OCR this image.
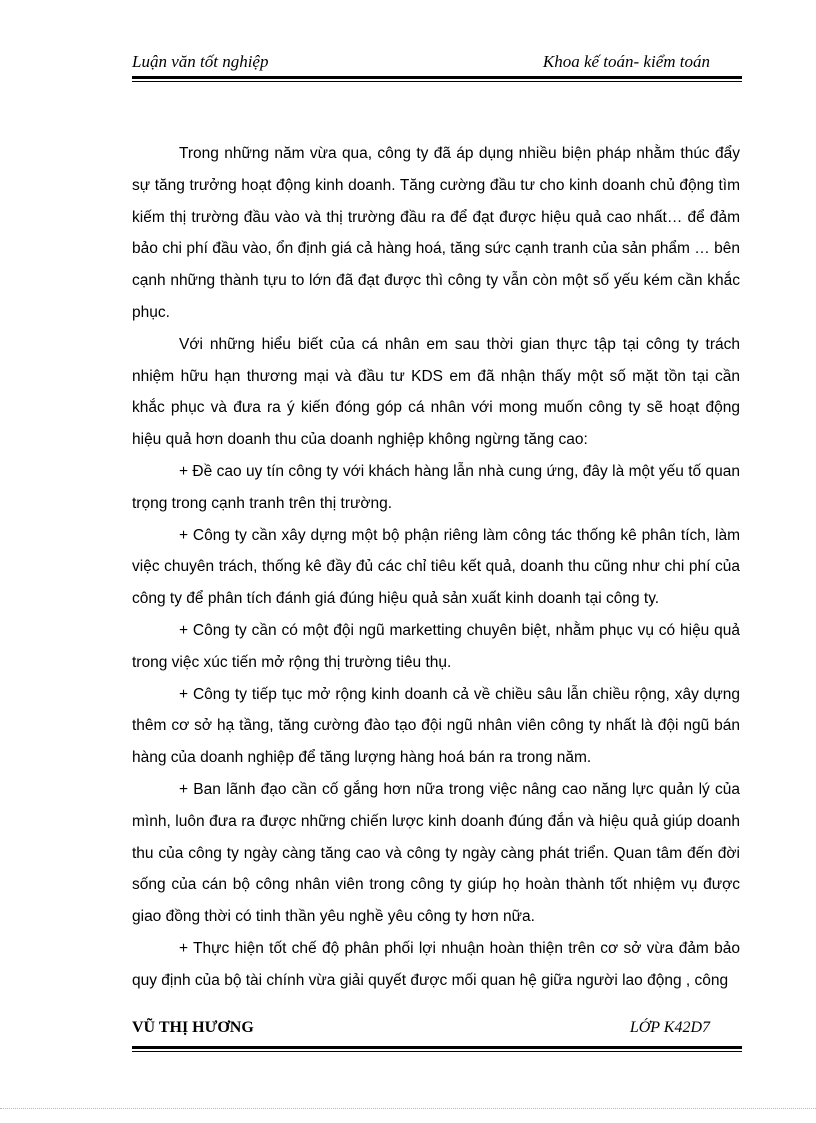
Luận văn tốt nghiệp	Khoa kế toán- kiểm toán

Trong những năm vừa qua, công ty đã áp dụng nhiều biện pháp nhằm thúc đẩy sự tăng trưởng hoạt động kinh doanh. Tăng cường đầu tư cho kinh doanh chủ động tìm kiếm thị trường đầu vào và thị trường đầu ra để đạt được hiệu quả cao nhất… để đảm bảo chi phí đầu vào, ổn định giá cả hàng hoá, tăng sức cạnh tranh của sản phẩm … bên cạnh những thành tựu to lớn đã đạt được thì công ty vẫn còn một số yếu kém cần khắc phục.

Với những hiểu biết của cá nhân em sau thời gian thực tập tại công ty trách nhiệm hữu hạn thương mại và đầu tư KDS em đã nhận thấy một số mặt tồn tại cần khắc phục và đưa ra ý kiến đóng góp cá nhân với mong muốn công ty sẽ hoạt động hiệu quả hơn doanh thu của doanh nghiệp không ngừng tăng cao:

+ Đề cao uy tín công ty với khách hàng lẫn nhà cung ứng, đây là một yếu tố quan trọng trong cạnh tranh trên thị trường.

+ Công ty cần xây dựng một bộ phận riêng làm công tác thống kê phân tích, làm việc chuyên trách, thống kê đầy đủ các chỉ tiêu kết quả, doanh thu cũng như chi phí của công ty để phân tích đánh giá đúng hiệu quả sản xuất kinh doanh tại công ty.

+ Công ty cần có một đội ngũ marketting chuyên biệt, nhằm phục vụ có hiệu quả trong việc xúc tiến mở rộng thị trường tiêu thụ.

+ Công ty tiếp tục mở rộng kinh doanh cả về chiều sâu lẫn chiều rộng, xây dựng thêm cơ sở hạ tầng, tăng cường đào tạo đội ngũ nhân viên công ty nhất là đội ngũ bán hàng của doanh nghiệp để tăng lượng hàng hoá bán ra trong năm.

+ Ban lãnh đạo cần cố gắng hơn nữa trong việc nâng cao năng lực quản lý của mình, luôn đưa ra được những chiến lược kinh doanh đúng đắn và hiệu quả giúp doanh thu của công ty ngày càng tăng cao và công ty ngày càng phát triển. Quan tâm đến đời sống của cán bộ công nhân viên trong công ty giúp họ hoàn thành tốt nhiệm vụ được giao đồng thời có tinh thần yêu nghề yêu công ty hơn nữa.

+ Thực hiện tốt chế độ phân phối lợi nhuận hoàn thiện trên cơ sở vừa đảm bảo quy định của bộ tài chính vừa giải quyết được mối quan hệ giữa người lao động , công

VŨ THỊ HƯƠNG	LỚP K42D7
